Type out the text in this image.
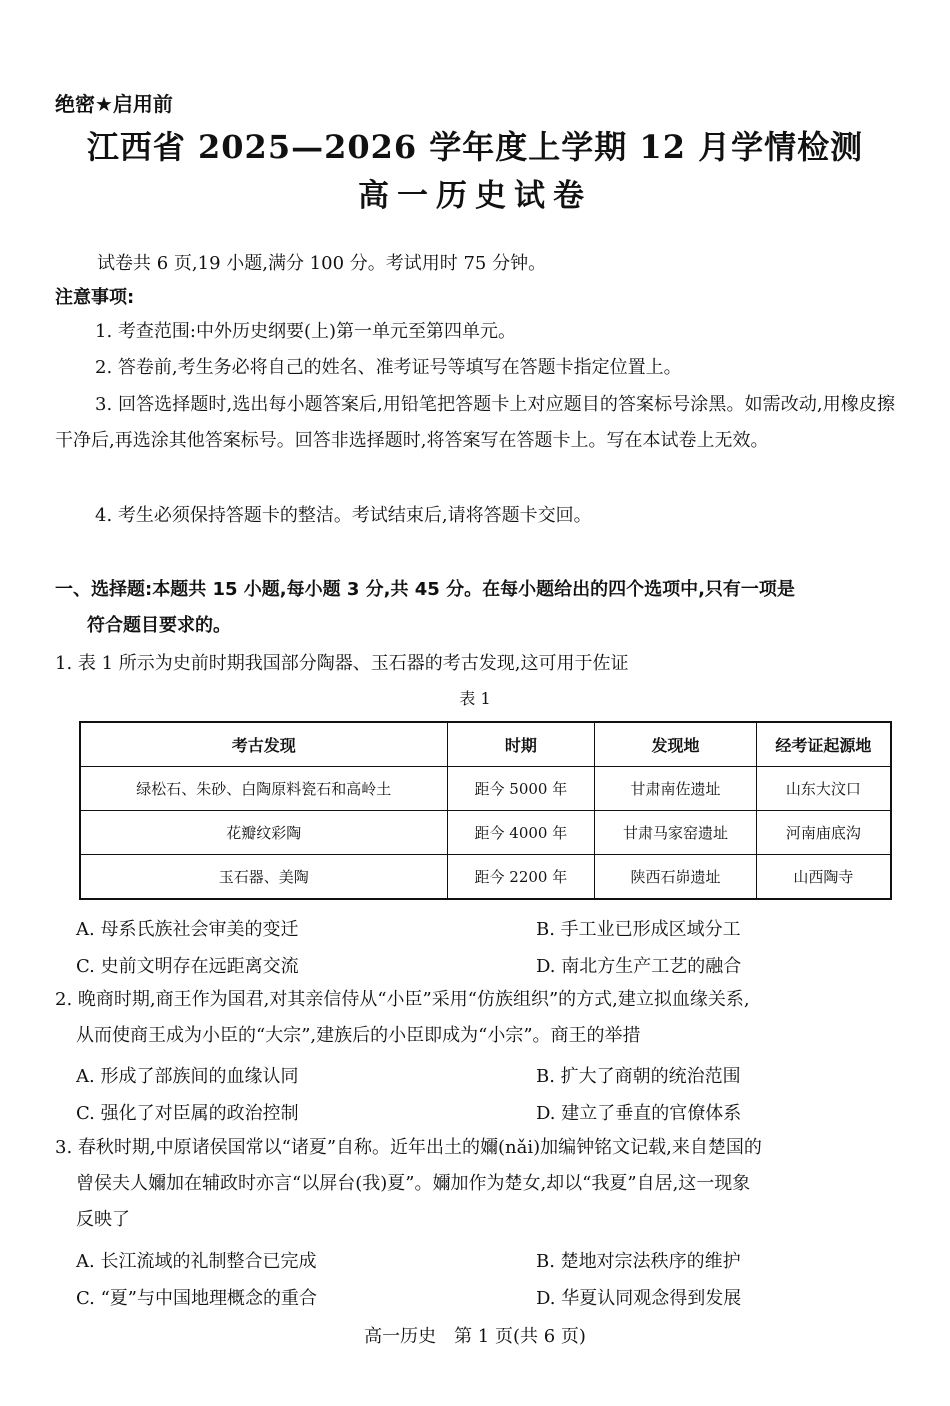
绝密★启用前
江西省 2025—2026 学年度上学期 12 月学情检测
高一历史试卷
试卷共 6 页,19 小题,满分 100 分。考试用时 75 分钟。
注意事项:
1. 考查范围:中外历史纲要(上)第一单元至第四单元。
2. 答卷前,考生务必将自己的姓名、准考证号等填写在答题卡指定位置上。
3. 回答选择题时,选出每小题答案后,用铅笔把答题卡上对应题目的答案标号涂黑。如需改动,用橡皮擦干净后,再选涂其他答案标号。回答非选择题时,将答案写在答题卡上。写在本试卷上无效。
4. 考生必须保持答题卡的整洁。考试结束后,请将答题卡交回。
一、选择题:本题共 15 小题,每小题 3 分,共 45 分。在每小题给出的四个选项中,只有一项是
符合题目要求的。
1. 表 1 所示为史前时期我国部分陶器、玉石器的考古发现,这可用于佐证
表 1
考古发现	时期	发现地	经考证起源地
绿松石、朱砂、白陶原料瓷石和高岭土	距今 5000 年	甘肃南佐遗址	山东大汶口
花瓣纹彩陶	距今 4000 年	甘肃马家窑遗址	河南庙底沟
玉石器、美陶	距今 2200 年	陕西石峁遗址	山西陶寺
A. 母系氏族社会审美的变迁	B. 手工业已形成区域分工
C. 史前文明存在远距离交流	D. 南北方生产工艺的融合
2. 晚商时期,商王作为国君,对其亲信侍从“小臣”采用“仿族组织”的方式,建立拟血缘关系,
从而使商王成为小臣的“大宗”,建族后的小臣即成为“小宗”。商王的举措
A. 形成了部族间的血缘认同	B. 扩大了商朝的统治范围
C. 强化了对臣属的政治控制	D. 建立了垂直的官僚体系
3. 春秋时期,中原诸侯国常以“诸夏”自称。近年出土的嬭(nǎi)加编钟铭文记载,来自楚国的
曾侯夫人嬭加在辅政时亦言“以屏台(我)夏”。嬭加作为楚女,却以“我夏”自居,这一现象
反映了
A. 长江流域的礼制整合已完成	B. 楚地对宗法秩序的维护
C. “夏”与中国地理概念的重合	D. 华夏认同观念得到发展
高一历史　第 1 页(共 6 页)
